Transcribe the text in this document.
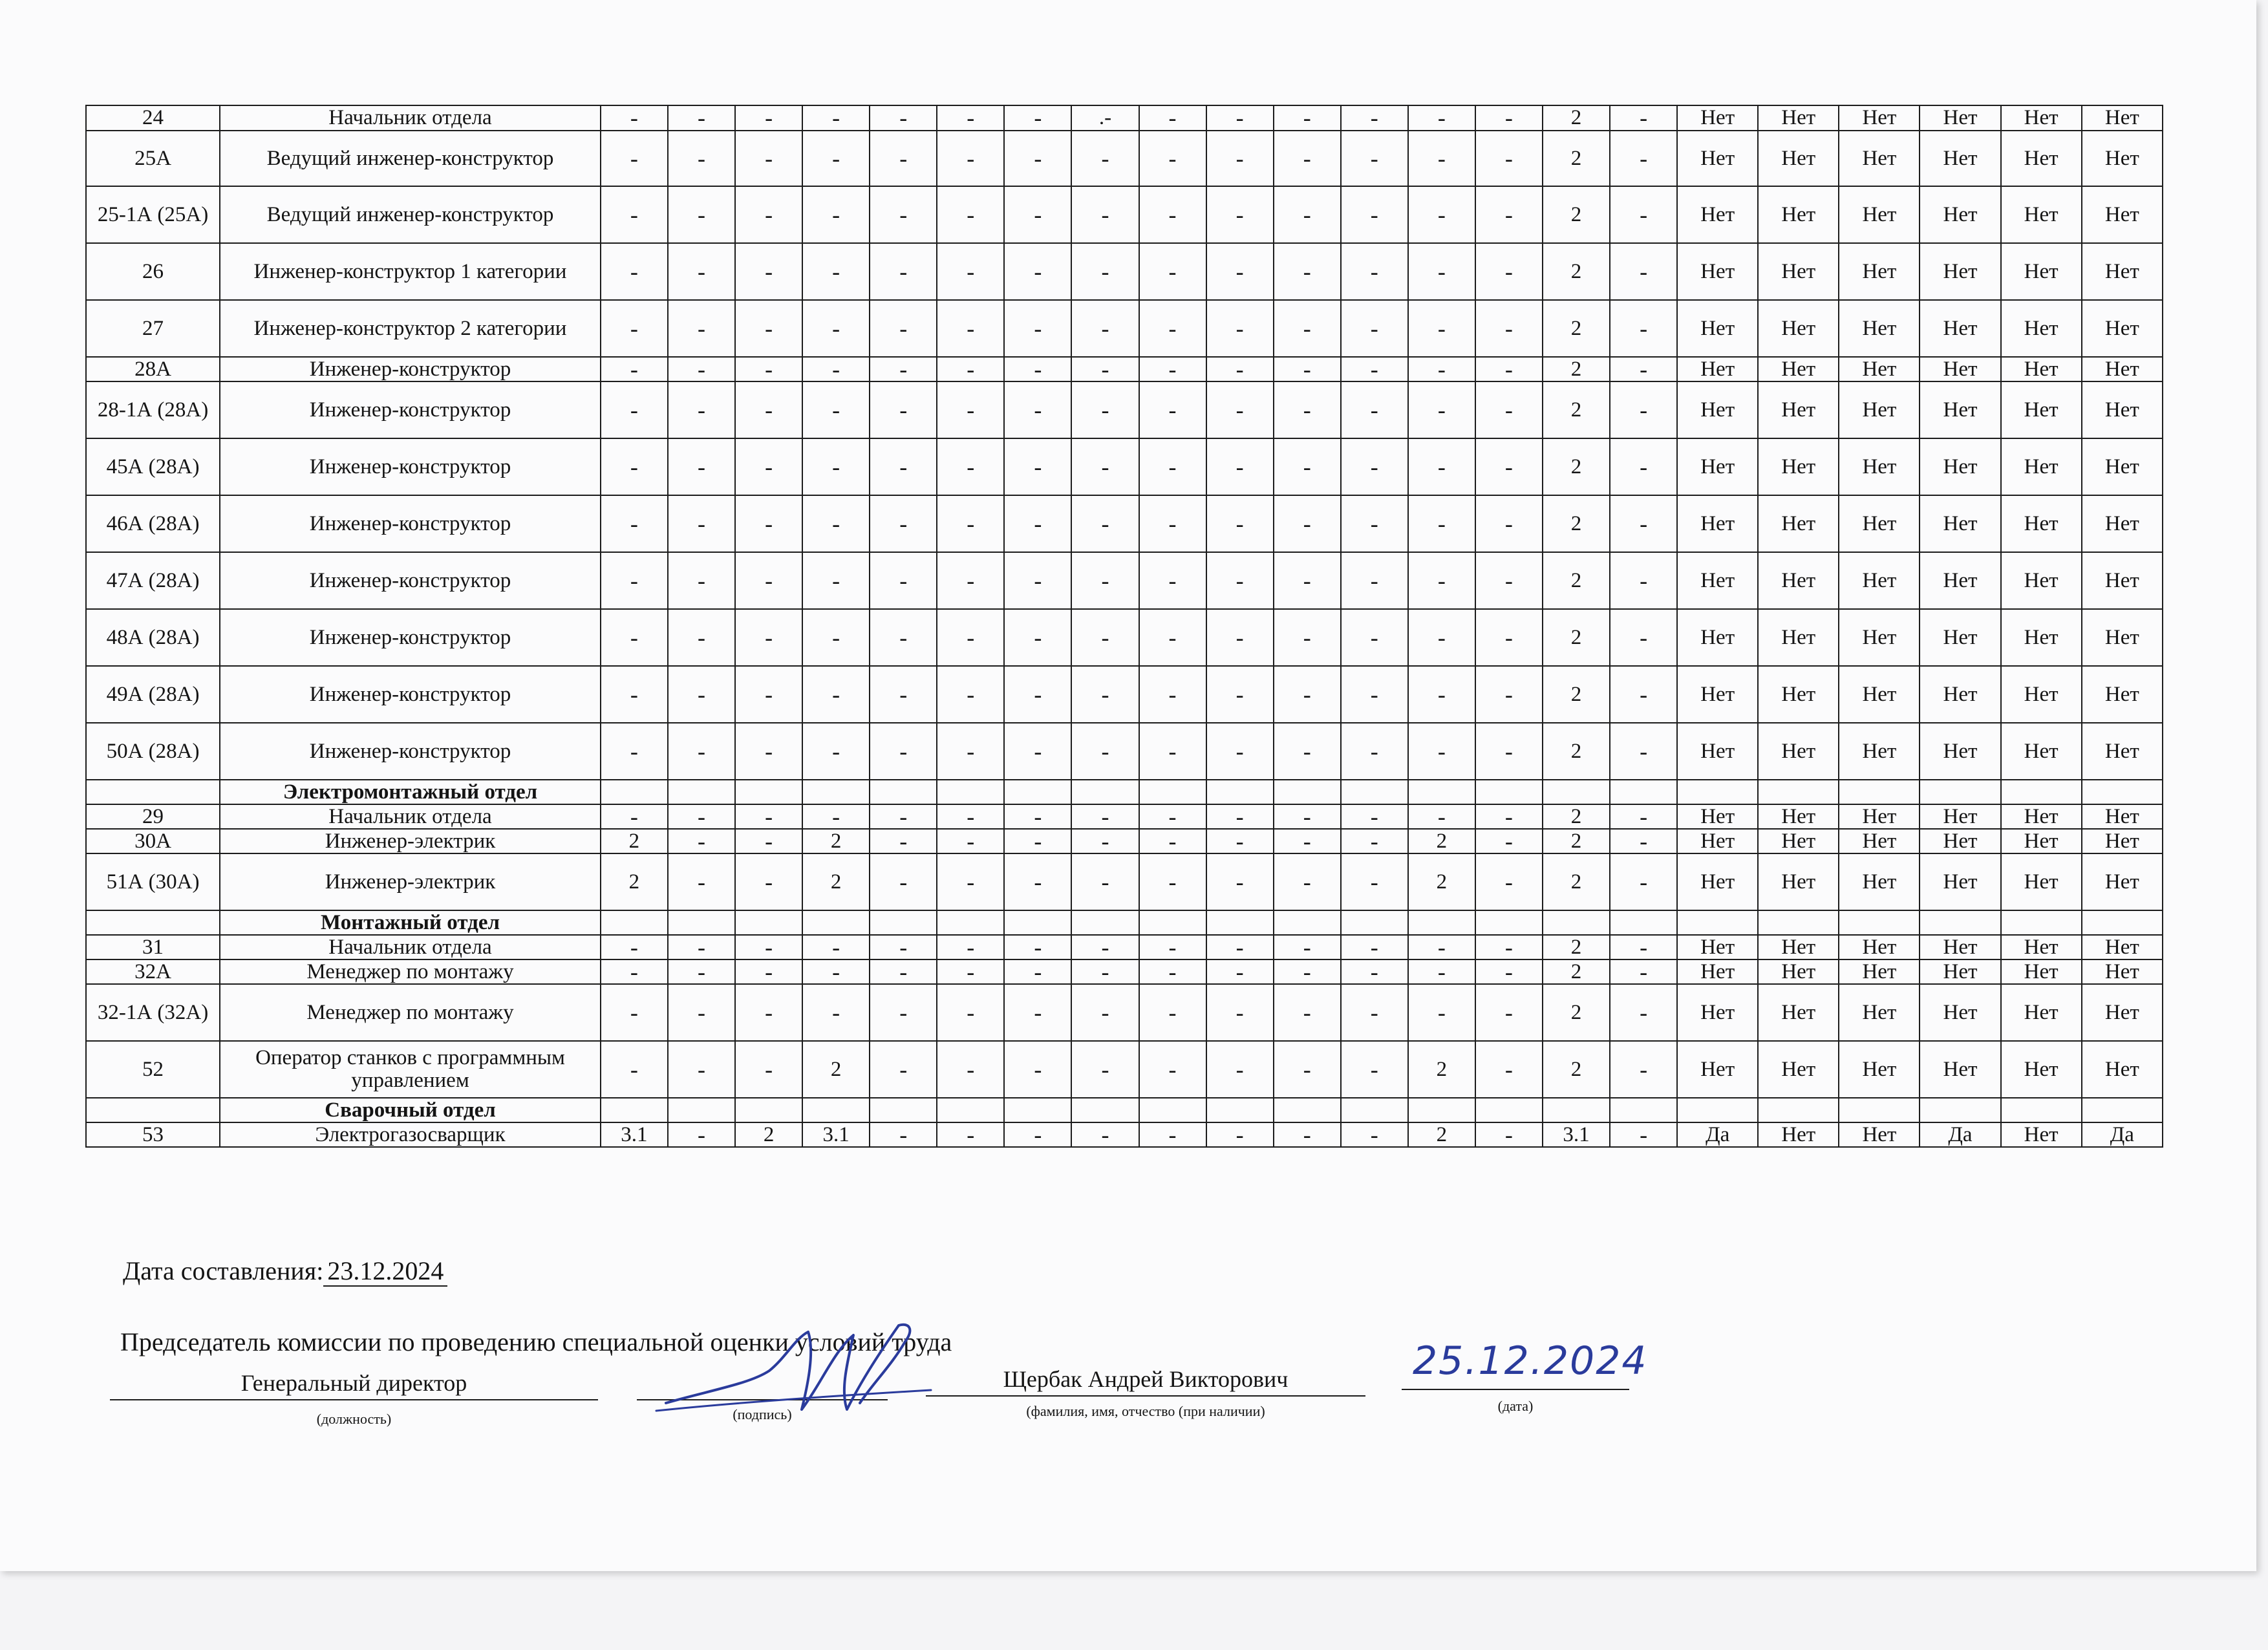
24	Начальник отдела	-	-	-	-	-	-	-	.-	-	-	-	-	-	-	2	-	Нет	Нет	Нет	Нет	Нет	Нет
25А	Ведущий инженер-конструктор	-	-	-	-	-	-	-	-	-	-	-	-	-	-	2	-	Нет	Нет	Нет	Нет	Нет	Нет
25-1А (25А)	Ведущий инженер-конструктор	-	-	-	-	-	-	-	-	-	-	-	-	-	-	2	-	Нет	Нет	Нет	Нет	Нет	Нет
26	Инженер-конструктор 1 категории	-	-	-	-	-	-	-	-	-	-	-	-	-	-	2	-	Нет	Нет	Нет	Нет	Нет	Нет
27	Инженер-конструктор 2 категории	-	-	-	-	-	-	-	-	-	-	-	-	-	-	2	-	Нет	Нет	Нет	Нет	Нет	Нет
28А	Инженер-конструктор	-	-	-	-	-	-	-	-	-	-	-	-	-	-	2	-	Нет	Нет	Нет	Нет	Нет	Нет
28-1А (28А)	Инженер-конструктор	-	-	-	-	-	-	-	-	-	-	-	-	-	-	2	-	Нет	Нет	Нет	Нет	Нет	Нет
45А (28А)	Инженер-конструктор	-	-	-	-	-	-	-	-	-	-	-	-	-	-	2	-	Нет	Нет	Нет	Нет	Нет	Нет
46А (28А)	Инженер-конструктор	-	-	-	-	-	-	-	-	-	-	-	-	-	-	2	-	Нет	Нет	Нет	Нет	Нет	Нет
47А (28А)	Инженер-конструктор	-	-	-	-	-	-	-	-	-	-	-	-	-	-	2	-	Нет	Нет	Нет	Нет	Нет	Нет
48А (28А)	Инженер-конструктор	-	-	-	-	-	-	-	-	-	-	-	-	-	-	2	-	Нет	Нет	Нет	Нет	Нет	Нет
49А (28А)	Инженер-конструктор	-	-	-	-	-	-	-	-	-	-	-	-	-	-	2	-	Нет	Нет	Нет	Нет	Нет	Нет
50А (28А)	Инженер-конструктор	-	-	-	-	-	-	-	-	-	-	-	-	-	-	2	-	Нет	Нет	Нет	Нет	Нет	Нет
	Электромонтажный отдел																						
29	Начальник отдела	-	-	-	-	-	-	-	-	-	-	-	-	-	-	2	-	Нет	Нет	Нет	Нет	Нет	Нет
30А	Инженер-электрик	2	-	-	2	-	-	-	-	-	-	-	-	2	-	2	-	Нет	Нет	Нет	Нет	Нет	Нет
51А (30А)	Инженер-электрик	2	-	-	2	-	-	-	-	-	-	-	-	2	-	2	-	Нет	Нет	Нет	Нет	Нет	Нет
	Монтажный отдел																						
31	Начальник отдела	-	-	-	-	-	-	-	-	-	-	-	-	-	-	2	-	Нет	Нет	Нет	Нет	Нет	Нет
32А	Менеджер по монтажу	-	-	-	-	-	-	-	-	-	-	-	-	-	-	2	-	Нет	Нет	Нет	Нет	Нет	Нет
32-1А (32А)	Менеджер по монтажу	-	-	-	-	-	-	-	-	-	-	-	-	-	-	2	-	Нет	Нет	Нет	Нет	Нет	Нет
52	Оператор станков с программным управлением	-	-	-	2	-	-	-	-	-	-	-	-	2	-	2	-	Нет	Нет	Нет	Нет	Нет	Нет
	Сварочный отдел																						
53	Электрогазосварщик	3.1	-	2	3.1	-	-	-	-	-	-	-	-	2	-	3.1	-	Да	Нет	Нет	Да	Нет	Да
Дата составления: 23.12.2024
Председатель комиссии по проведению специальной оценки условий труда
Генеральный директор
(должность)	(подпись)
Щербак Андрей Викторович
(фамилия, имя, отчество (при наличии)
25.12.2024
(дата)
